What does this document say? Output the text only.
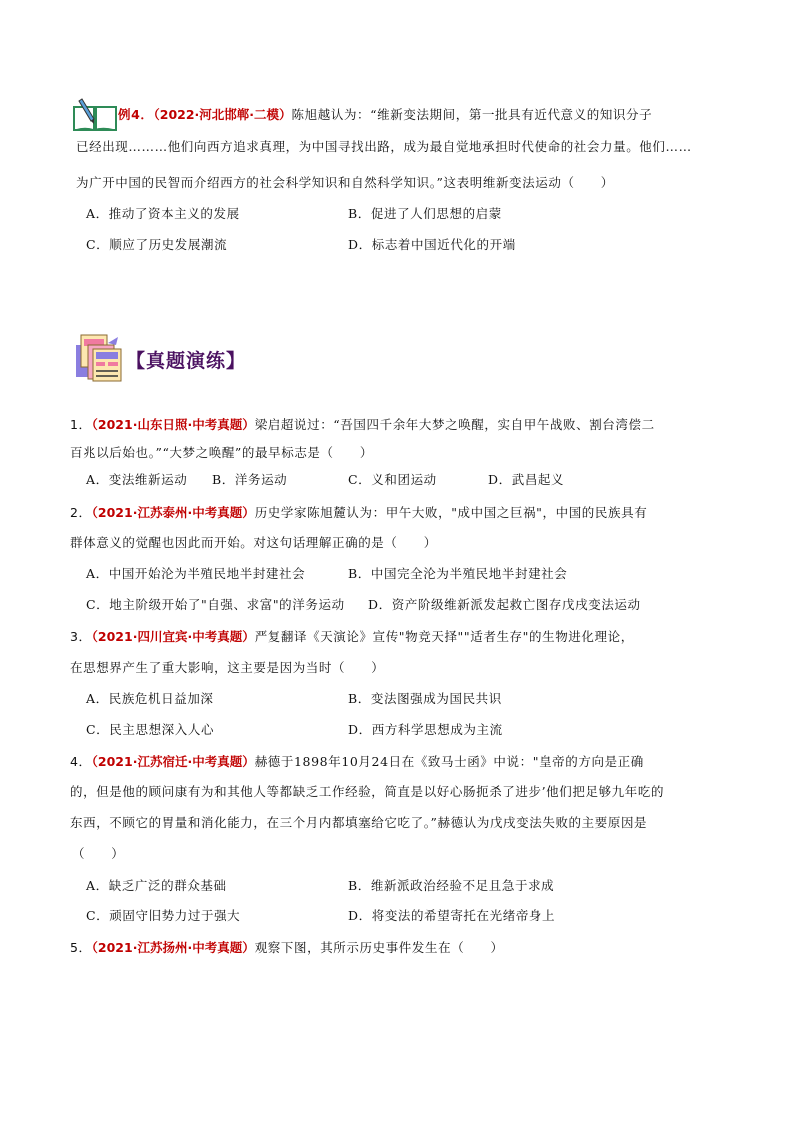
例4．（2022·河北邯郸·二模）陈旭越认为：“维新变法期间，第一批具有近代意义的知识分子
已经出现………他们向西方追求真理，为中国寻找出路，成为最自觉地承担时代使命的社会力量。他们……
为广开中国的民智而介绍西方的社会科学知识和自然科学知识。”这表明维新变法运动（　　）
A．推动了资本主义的发展	B．促进了人们思想的启蒙
C．顺应了历史发展潮流	D．标志着中国近代化的开端
【真题演练】
1．（2021·山东日照·中考真题）梁启超说过：“吾国四千余年大梦之唤醒，实自甲午战败、割台湾偿二
百兆以后始也。”“大梦之唤醒”的最早标志是（　　）
A．变法维新运动 B．洋务运动	C．义和团运动	D．武昌起义
2．（2021·江苏泰州·中考真题）历史学家陈旭麓认为：甲午大败，"成中国之巨祸"，中国的民族具有
群体意义的觉醒也因此而开始。对这句话理解正确的是（　　）
A．中国开始沦为半殖民地半封建社会	B．中国完全沦为半殖民地半封建社会
C．地主阶级开始了"自强、求富"的洋务运动 D．资产阶级维新派发起救亡图存戊戌变法运动
3．（2021·四川宜宾·中考真题）严复翻译《天演论》宣传"物竞天择""适者生存"的生物进化理论，
在思想界产生了重大影响，这主要是因为当时（　　）
A．民族危机日益加深	B．变法图强成为国民共识
C．民主思想深入人心	D．西方科学思想成为主流
4．（2021·江苏宿迁·中考真题）赫德于1898年10月24日在《致马士函》中说："皇帝的方向是正确
的，但是他的顾问康有为和其他人等都缺乏工作经验，简直是以好心肠扼杀了进步’他们把足够九年吃的
东西，不顾它的胃量和消化能力，在三个月内都填塞给它吃了。”赫德认为戊戌变法失败的主要原因是
（　　）
A．缺乏广泛的群众基础	B．维新派政治经验不足且急于求成
C．顽固守旧势力过于强大	D．将变法的希望寄托在光绪帝身上
5．（2021·江苏扬州·中考真题）观察下图，其所示历史事件发生在（　　）
